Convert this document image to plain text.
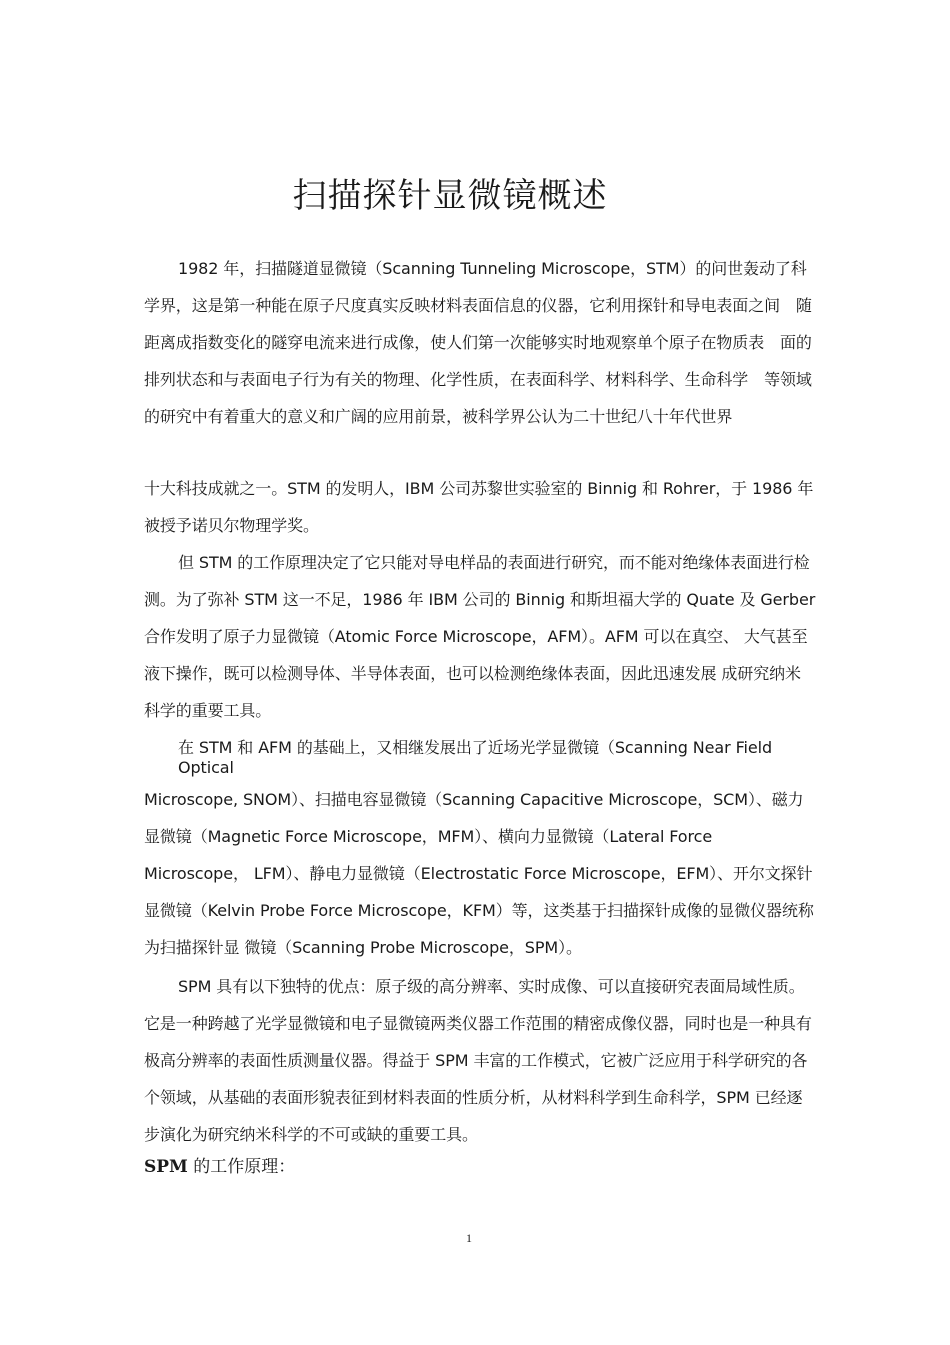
扫描探针显微镜概述
1982 年，扫描隧道显微镜（Scanning Tunneling Microscope，STM）的问世轰动了科　学界，这是第一种能在原子尺度真实反映材料表面信息的仪器，它利用探针和导电表面之间　随距离成指数变化的隧穿电流来进行成像，使人们第一次能够实时地观察单个原子在物质表　面的排列状态和与表面电子行为有关的物理、化学性质，在表面科学、材料科学、生命科学　等领域的研究中有着重大的意义和广阔的应用前景，被科学界公认为二十世纪八十年代世界
十大科技成就之一。STM 的发明人，IBM 公司苏黎世实验室的 Binnig 和 Rohrer，于 1986 年 被授予诺贝尔物理学奖。
但 STM 的工作原理决定了它只能对导电样品的表面进行研究，而不能对绝缘体表面进行检测。为了弥补 STM 这一不足，1986 年 IBM 公司的 Binnig 和斯坦福大学的 Quate 及 Gerber 合作发明了原子力显微镜（Atomic Force Microscope，AFM）。AFM 可以在真空、 大气甚至液下操作，既可以检测导体、半导体表面，也可以检测绝缘体表面，因此迅速发展 成研究纳米科学的重要工具。
在 STM 和 AFM 的基础上，又相继发展出了近场光学显微镜（Scanning Near Field Optical
Microscope, SNOM）、扫描电容显微镜（Scanning Capacitive Microscope，SCM）、磁力显微镜（Magnetic Force Microscope，MFM）、横向力显微镜（Lateral Force Microscope， LFM）、静电力显微镜（Electrostatic Force Microscope，EFM）、开尔文探针显微镜（Kelvin Probe Force Microscope，KFM）等，这类基于扫描探针成像的显微仪器统称为扫描探针显 微镜（Scanning Probe Microscope，SPM）。
SPM 具有以下独特的优点：原子级的高分辨率、实时成像、可以直接研究表面局域性质。它是一种跨越了光学显微镜和电子显微镜两类仪器工作范围的精密成像仪器，同时也是一种具有极高分辨率的表面性质测量仪器。得益于 SPM 丰富的工作模式，它被广泛应用于科学研究的各个领域，从基础的表面形貌表征到材料表面的性质分析，从材料科学到生命科学，SPM 已经逐步演化为研究纳米科学的不可或缺的重要工具。
SPM 的工作原理：
1
